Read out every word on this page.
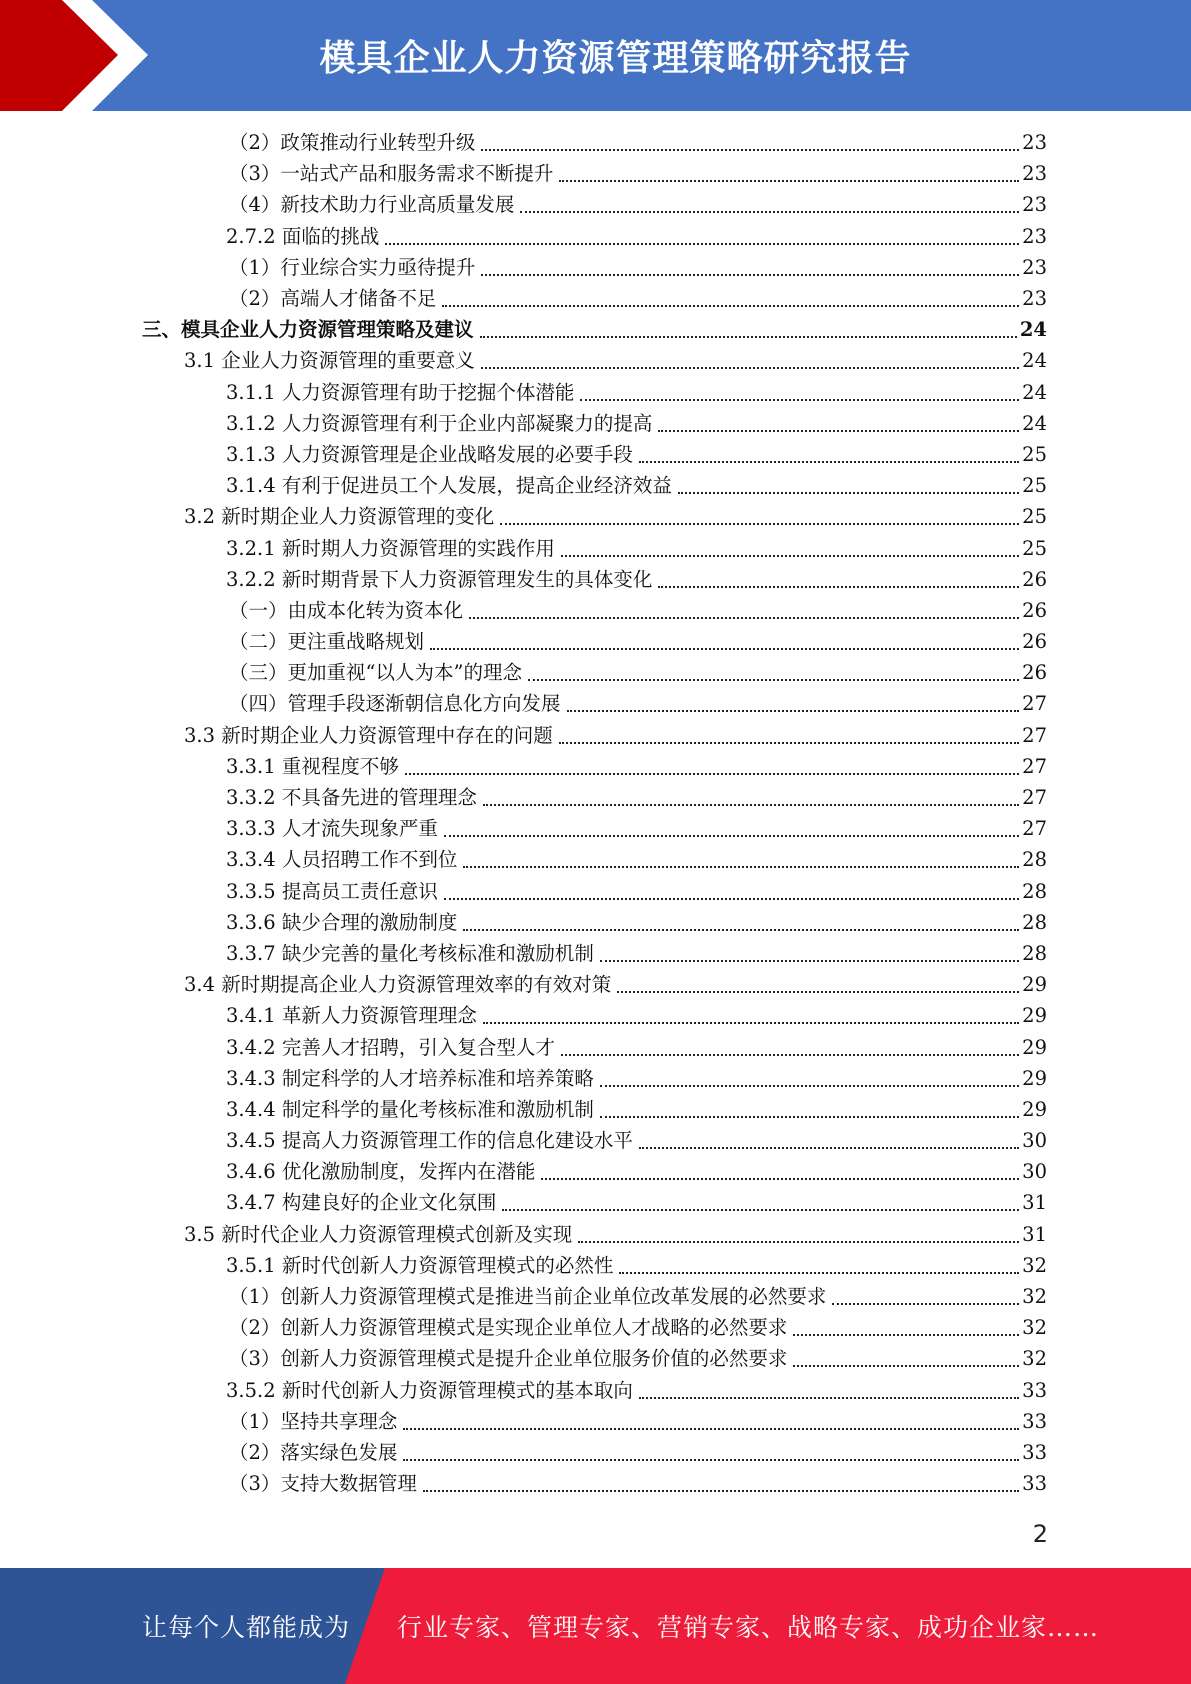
模具企业人力资源管理策略研究报告
（2）政策推动行业转型升级	23
（3）一站式产品和服务需求不断提升	23
（4）新技术助力行业高质量发展	23
2.7.2 面临的挑战	23
（1）行业综合实力亟待提升	23
（2）高端人才储备不足	23
三、模具企业人力资源管理策略及建议	24
3.1 企业人力资源管理的重要意义	24
3.1.1 人力资源管理有助于挖掘个体潜能	24
3.1.2 人力资源管理有利于企业内部凝聚力的提高	24
3.1.3 人力资源管理是企业战略发展的必要手段	25
3.1.4 有利于促进员工个人发展，提高企业经济效益	25
3.2 新时期企业人力资源管理的变化	25
3.2.1 新时期人力资源管理的实践作用	25
3.2.2 新时期背景下人力资源管理发生的具体变化	26
（一）由成本化转为资本化	26
（二）更注重战略规划	26
（三）更加重视“以人为本”的理念	26
（四）管理手段逐渐朝信息化方向发展	27
3.3 新时期企业人力资源管理中存在的问题	27
3.3.1 重视程度不够	27
3.3.2 不具备先进的管理理念	27
3.3.3 人才流失现象严重	27
3.3.4 人员招聘工作不到位	28
3.3.5 提高员工责任意识	28
3.3.6 缺少合理的激励制度	28
3.3.7 缺少完善的量化考核标准和激励机制	28
3.4 新时期提高企业人力资源管理效率的有效对策	29
3.4.1 革新人力资源管理理念	29
3.4.2 完善人才招聘，引入复合型人才	29
3.4.3 制定科学的人才培养标准和培养策略	29
3.4.4 制定科学的量化考核标准和激励机制	29
3.4.5 提高人力资源管理工作的信息化建设水平	30
3.4.6 优化激励制度，发挥内在潜能	30
3.4.7 构建良好的企业文化氛围	31
3.5 新时代企业人力资源管理模式创新及实现	31
3.5.1 新时代创新人力资源管理模式的必然性	32
（1）创新人力资源管理模式是推进当前企业单位改革发展的必然要求	32
（2）创新人力资源管理模式是实现企业单位人才战略的必然要求	32
（3）创新人力资源管理模式是提升企业单位服务价值的必然要求	32
3.5.2 新时代创新人力资源管理模式的基本取向	33
（1）坚持共享理念	33
（2）落实绿色发展	33
（3）支持大数据管理	33
2
让每个人都能成为 行业专家、管理专家、营销专家、战略专家、成功企业家……
